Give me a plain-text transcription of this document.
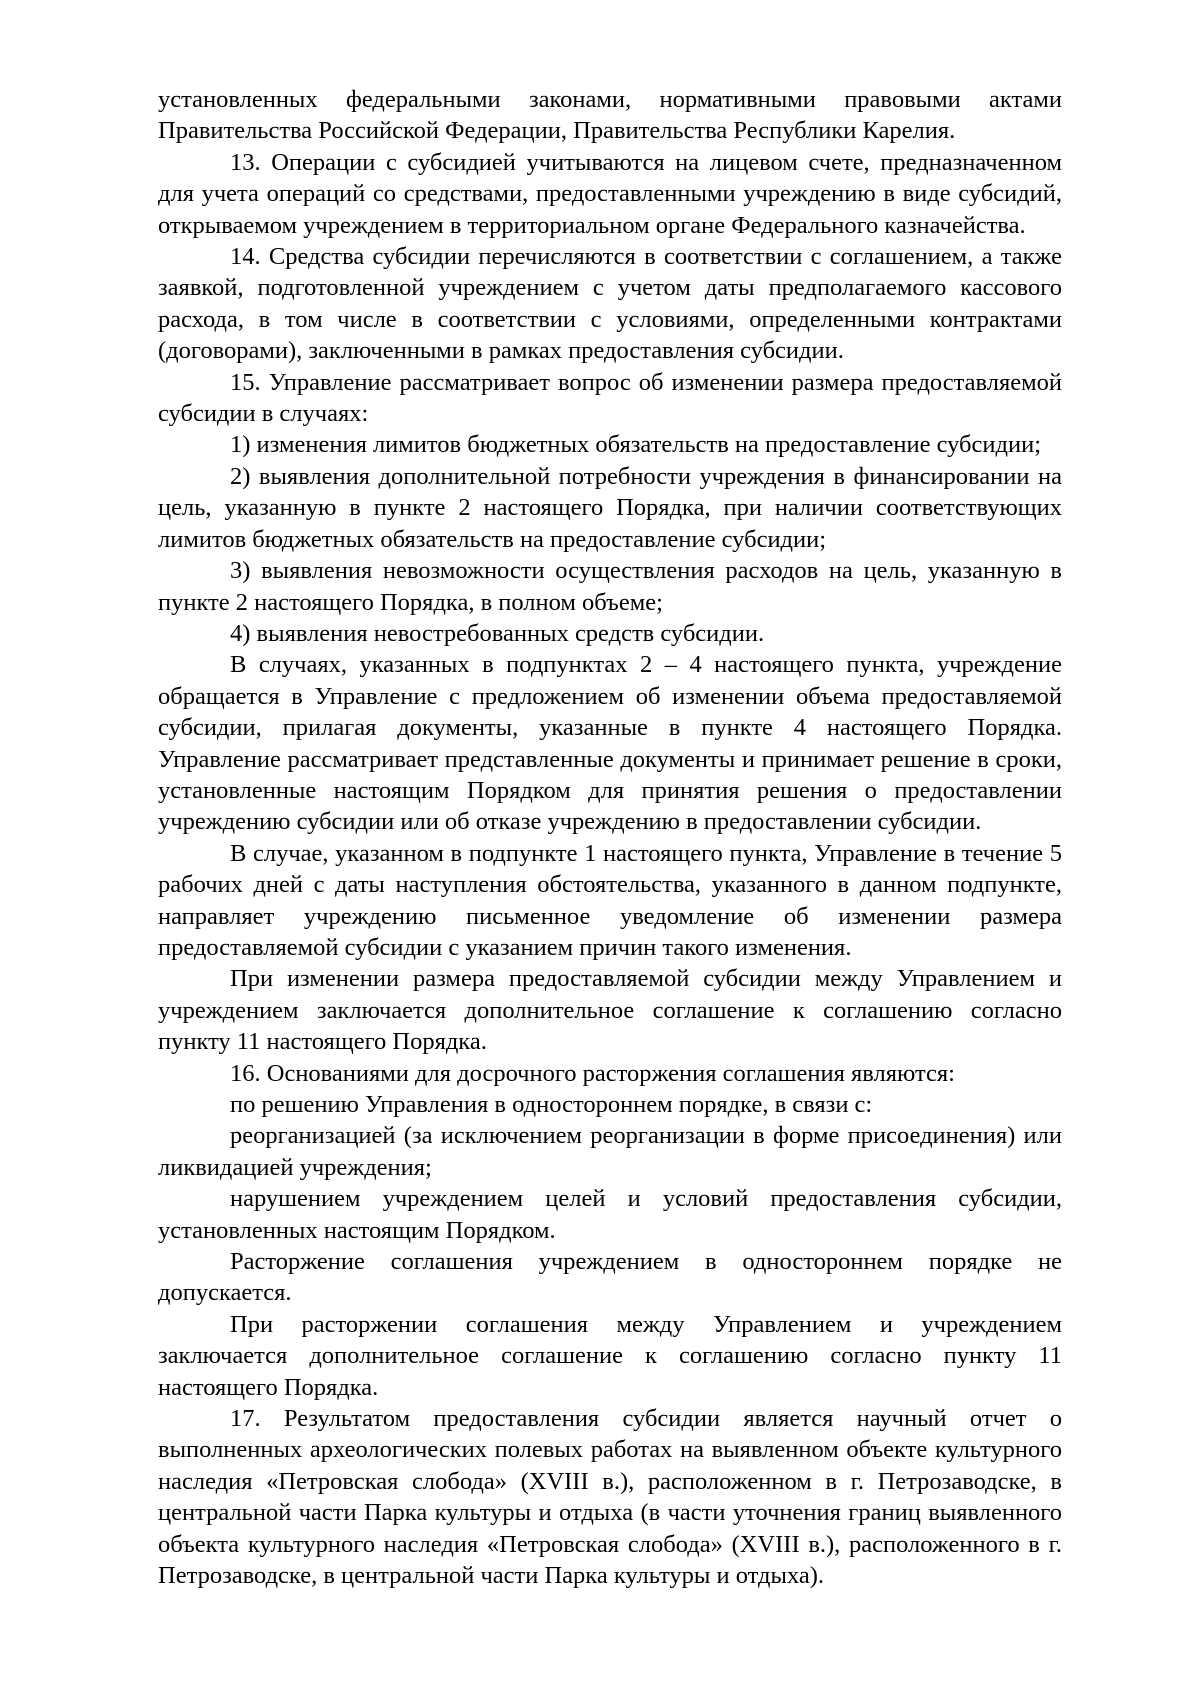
установленных федеральными законами, нормативными правовыми актами Правительства Российской Федерации, Правительства Республики Карелия.

13. Операции с субсидией учитываются на лицевом счете, предназначенном для учета операций со средствами, предоставленными учреждению в виде субсидий, открываемом учреждением в территориальном органе Федерального казначейства.

14. Средства субсидии перечисляются в соответствии с соглашением, а также заявкой, подготовленной учреждением с учетом даты предполагаемого кассового расхода, в том числе в соответствии с условиями, определенными контрактами (договорами), заключенными в рамках предоставления субсидии.

15. Управление рассматривает вопрос об изменении размера предоставляемой субсидии в случаях:

1) изменения лимитов бюджетных обязательств на предоставление субсидии;

2) выявления дополнительной потребности учреждения в финансировании на цель, указанную в пункте 2 настоящего Порядка, при наличии соответствующих лимитов бюджетных обязательств на предоставление субсидии;

3) выявления невозможности осуществления расходов на цель, указанную в пункте 2 настоящего Порядка, в полном объеме;

4) выявления невостребованных средств субсидии.

В случаях, указанных в подпунктах 2 – 4 настоящего пункта, учреждение обращается в Управление с предложением об изменении объема предоставляемой субсидии, прилагая документы, указанные в пункте 4 настоящего Порядка. Управление рассматривает представленные документы и принимает решение в сроки, установленные настоящим Порядком для принятия решения о предоставлении учреждению субсидии или об отказе учреждению в предоставлении субсидии.

В случае, указанном в подпункте 1 настоящего пункта, Управление в течение 5 рабочих дней с даты наступления обстоятельства, указанного в данном подпункте, направляет учреждению письменное уведомление об изменении размера предоставляемой субсидии с указанием причин такого изменения.

При изменении размера предоставляемой субсидии между Управлением и учреждением заключается дополнительное соглашение к соглашению согласно пункту 11 настоящего Порядка.

16. Основаниями для досрочного расторжения соглашения являются:

по решению Управления в одностороннем порядке, в связи с:

реорганизацией (за исключением реорганизации в форме присоединения) или ликвидацией учреждения;

нарушением учреждением целей и условий предоставления субсидии, установленных настоящим Порядком.

Расторжение соглашения учреждением в одностороннем порядке не допускается.

При расторжении соглашения между Управлением и учреждением заключается дополнительное соглашение к соглашению согласно пункту 11 настоящего Порядка.

17. Результатом предоставления субсидии является научный отчет о выполненных археологических полевых работах на выявленном объекте культурного наследия «Петровская слобода» (XVIII в.), расположенном в г. Петрозаводске, в центральной части Парка культуры и отдыха (в части уточнения границ выявленного объекта культурного наследия «Петровская слобода» (XVIII в.), расположенного в г. Петрозаводске, в центральной части Парка культуры и отдыха).
